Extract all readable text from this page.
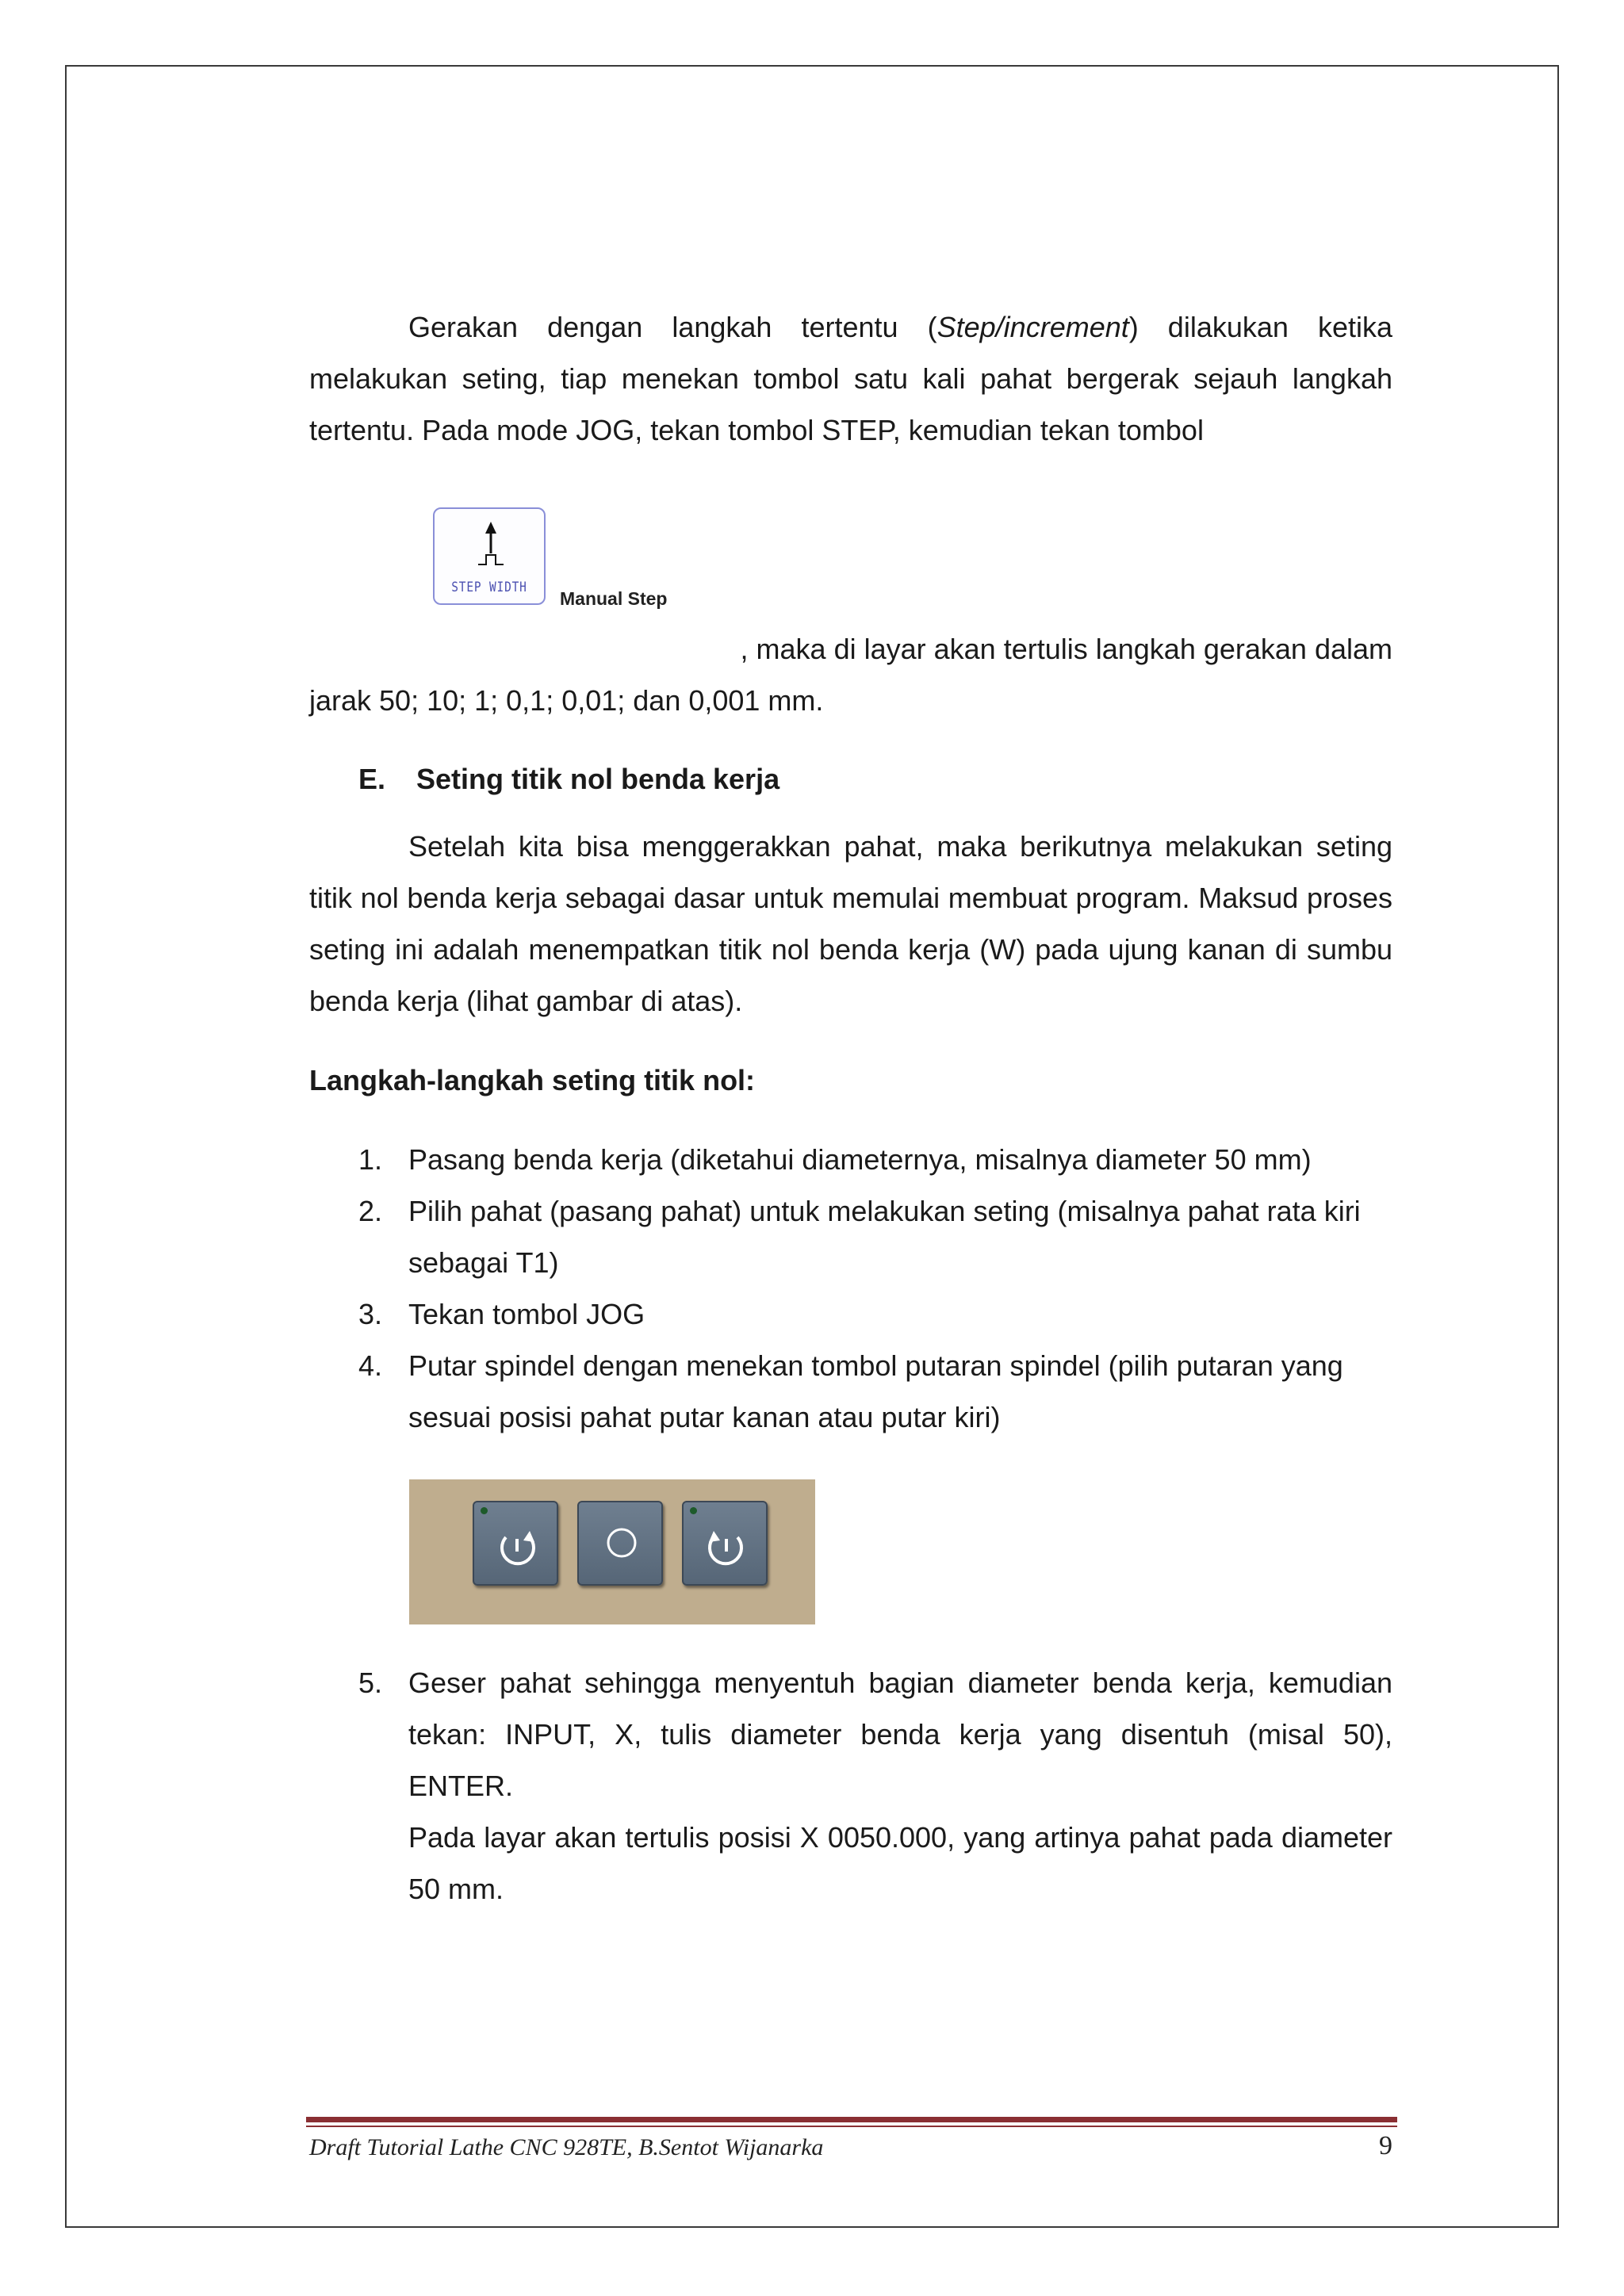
Gerakan dengan langkah tertentu (Step/increment) dilakukan ketika melakukan seting, tiap menekan tombol satu kali pahat bergerak sejauh langkah tertentu. Pada mode JOG, tekan tombol STEP, kemudian tekan tombol
STEP WIDTH
Manual Step
, maka di layar akan tertulis langkah gerakan dalam
jarak 50; 10; 1; 0,1; 0,01; dan 0,001 mm.
E. Seting titik nol benda kerja
Setelah kita bisa menggerakkan pahat, maka berikutnya melakukan seting titik nol benda kerja sebagai dasar untuk memulai membuat program. Maksud proses seting ini adalah menempatkan titik nol benda kerja (W) pada ujung kanan di sumbu benda kerja (lihat gambar di atas).
Langkah-langkah seting titik nol:
1. Pasang benda kerja (diketahui diameternya, misalnya diameter 50 mm)
2. Pilih pahat (pasang pahat) untuk melakukan seting (misalnya pahat rata kiri sebagai T1)
3. Tekan tombol JOG
4. Putar spindel dengan menekan tombol putaran spindel (pilih putaran yang sesuai posisi pahat putar kanan atau putar kiri)
5. Geser pahat sehingga menyentuh bagian diameter benda kerja, kemudian tekan: INPUT, X, tulis diameter benda kerja yang disentuh (misal 50), ENTER.
Pada layar akan tertulis posisi X 0050.000, yang artinya pahat pada diameter 50 mm.
Draft Tutorial Lathe CNC 928TE, B.Sentot Wijanarka	9
